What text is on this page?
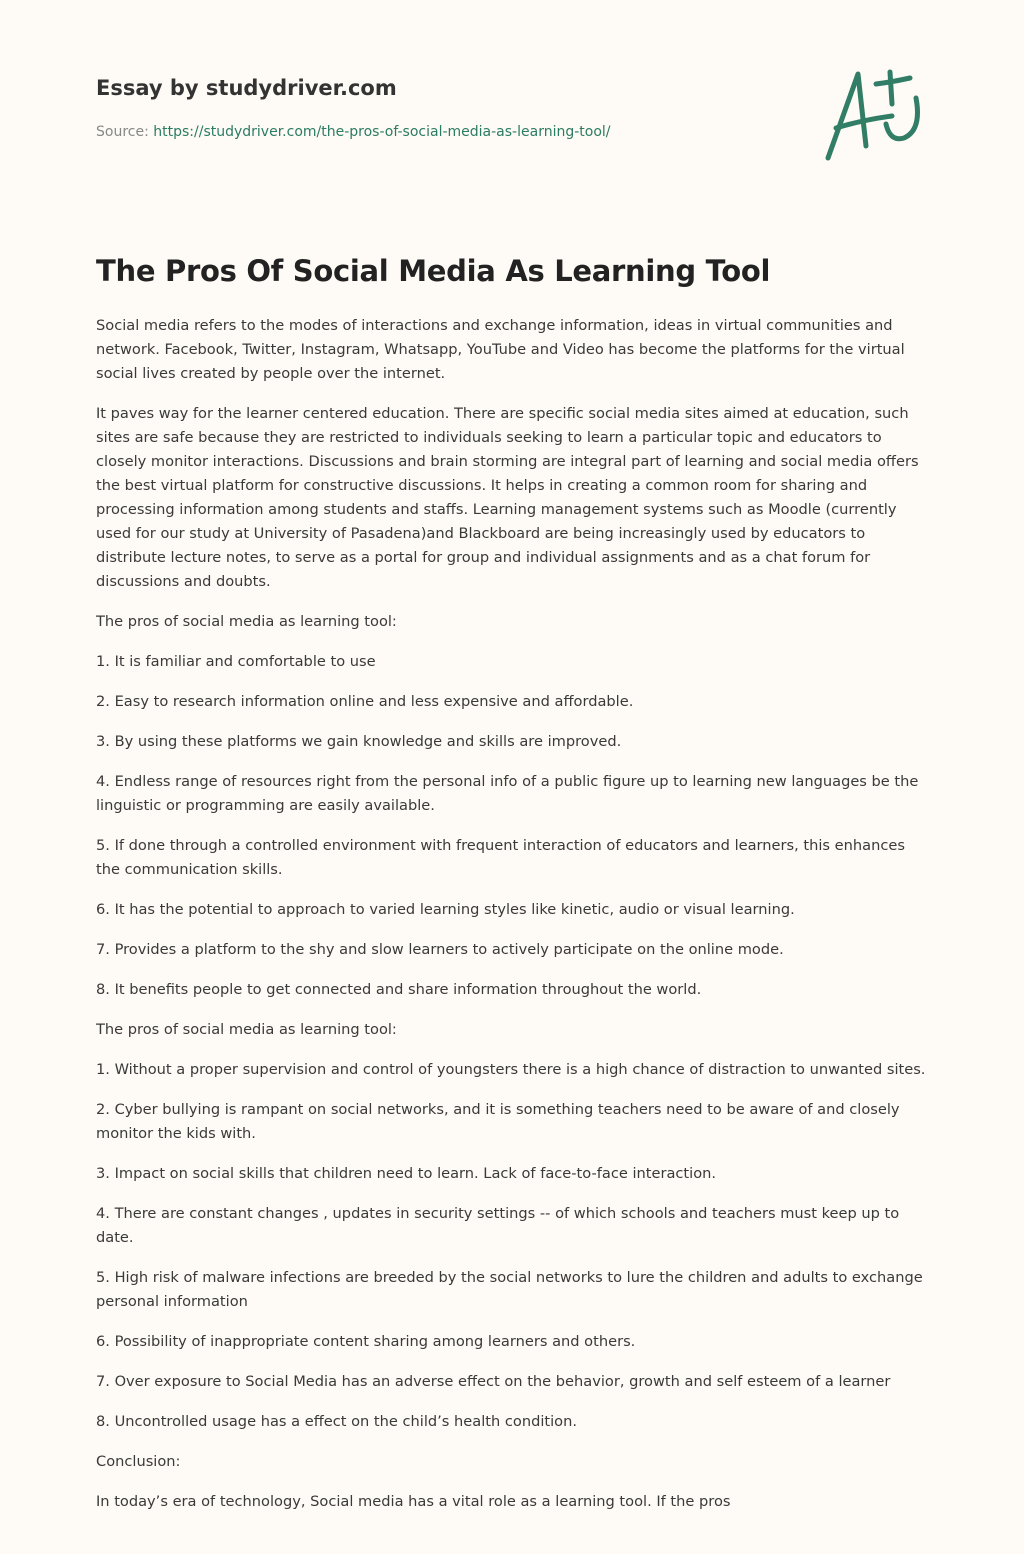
Essay by studydriver.com
Source: https://studydriver.com/the-pros-of-social-media-as-learning-tool/
The Pros Of Social Media As Learning Tool

Social media refers to the modes of interactions and exchange information, ideas in virtual communities and network. Facebook, Twitter, Instagram, Whatsapp, YouTube and Video has become the platforms for the virtual social lives created by people over the internet.

It paves way for the learner centered education. There are specific social media sites aimed at education, such sites are safe because they are restricted to individuals seeking to learn a particular topic and educators to closely monitor interactions. Discussions and brain storming are integral part of learning and social media offers the best virtual platform for constructive discussions. It helps in creating a common room for sharing and processing information among students and staffs. Learning management systems such as Moodle (currently used for our study at University of Pasadena)and Blackboard are being increasingly used by educators to distribute lecture notes, to serve as a portal for group and individual assignments and as a chat forum for discussions and doubts.

The pros of social media as learning tool:

1. It is familiar and comfortable to use

2. Easy to research information online and less expensive and affordable.

3. By using these platforms we gain knowledge and skills are improved.

4. Endless range of resources right from the personal info of a public figure up to learning new languages be the linguistic or programming are easily available.

5. If done through a controlled environment with frequent interaction of educators and learners, this enhances the communication skills.

6. It has the potential to approach to varied learning styles like kinetic, audio or visual learning.

7. Provides a platform to the shy and slow learners to actively participate on the online mode.

8. It benefits people to get connected and share information throughout the world.

The pros of social media as learning tool:

1. Without a proper supervision and control of youngsters there is a high chance of distraction to unwanted sites.

2. Cyber bullying is rampant on social networks, and it is something teachers need to be aware of and closely monitor the kids with.

3. Impact on social skills that children need to learn. Lack of face-to-face interaction.

4. There are constant changes , updates in security settings -- of which schools and teachers must keep up to date.

5. High risk of malware infections are breeded by the social networks to lure the children and adults to exchange personal information

6. Possibility of inappropriate content sharing among learners and others.

7. Over exposure to Social Media has an adverse effect on the behavior, growth and self esteem of a learner

8. Uncontrolled usage has a effect on the child’s health condition.

Conclusion:

In today’s era of technology, Social media has a vital role as a learning tool. If the pros
